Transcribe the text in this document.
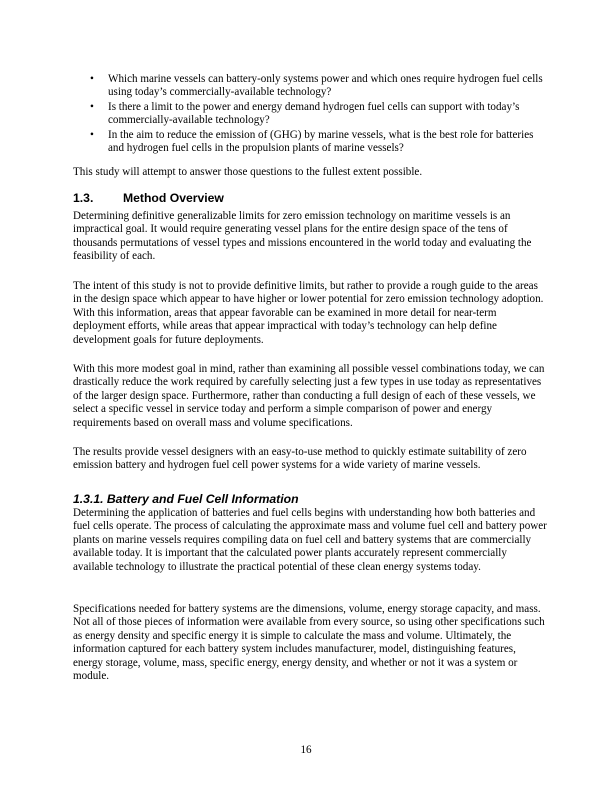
• Which marine vessels can battery-only systems power and which ones require hydrogen fuel cells using today’s commercially-available technology?
• Is there a limit to the power and energy demand hydrogen fuel cells can support with today’s commercially-available technology?
• In the aim to reduce the emission of (GHG) by marine vessels, what is the best role for batteries and hydrogen fuel cells in the propulsion plants of marine vessels?

This study will attempt to answer those questions to the fullest extent possible.

1.3. Method Overview

Determining definitive generalizable limits for zero emission technology on maritime vessels is an impractical goal. It would require generating vessel plans for the entire design space of the tens of thousands permutations of vessel types and missions encountered in the world today and evaluating the feasibility of each.

The intent of this study is not to provide definitive limits, but rather to provide a rough guide to the areas in the design space which appear to have higher or lower potential for zero emission technology adoption. With this information, areas that appear favorable can be examined in more detail for near-term deployment efforts, while areas that appear impractical with today’s technology can help define development goals for future deployments.

With this more modest goal in mind, rather than examining all possible vessel combinations today, we can drastically reduce the work required by carefully selecting just a few types in use today as representatives of the larger design space. Furthermore, rather than conducting a full design of each of these vessels, we select a specific vessel in service today and perform a simple comparison of power and energy requirements based on overall mass and volume specifications.

The results provide vessel designers with an easy-to-use method to quickly estimate suitability of zero emission battery and hydrogen fuel cell power systems for a wide variety of marine vessels.

1.3.1. Battery and Fuel Cell Information

Determining the application of batteries and fuel cells begins with understanding how both batteries and fuel cells operate. The process of calculating the approximate mass and volume fuel cell and battery power plants on marine vessels requires compiling data on fuel cell and battery systems that are commercially available today. It is important that the calculated power plants accurately represent commercially available technology to illustrate the practical potential of these clean energy systems today.

Specifications needed for battery systems are the dimensions, volume, energy storage capacity, and mass. Not all of those pieces of information were available from every source, so using other specifications such as energy density and specific energy it is simple to calculate the mass and volume. Ultimately, the information captured for each battery system includes manufacturer, model, distinguishing features, energy storage, volume, mass, specific energy, energy density, and whether or not it was a system or module.

16
